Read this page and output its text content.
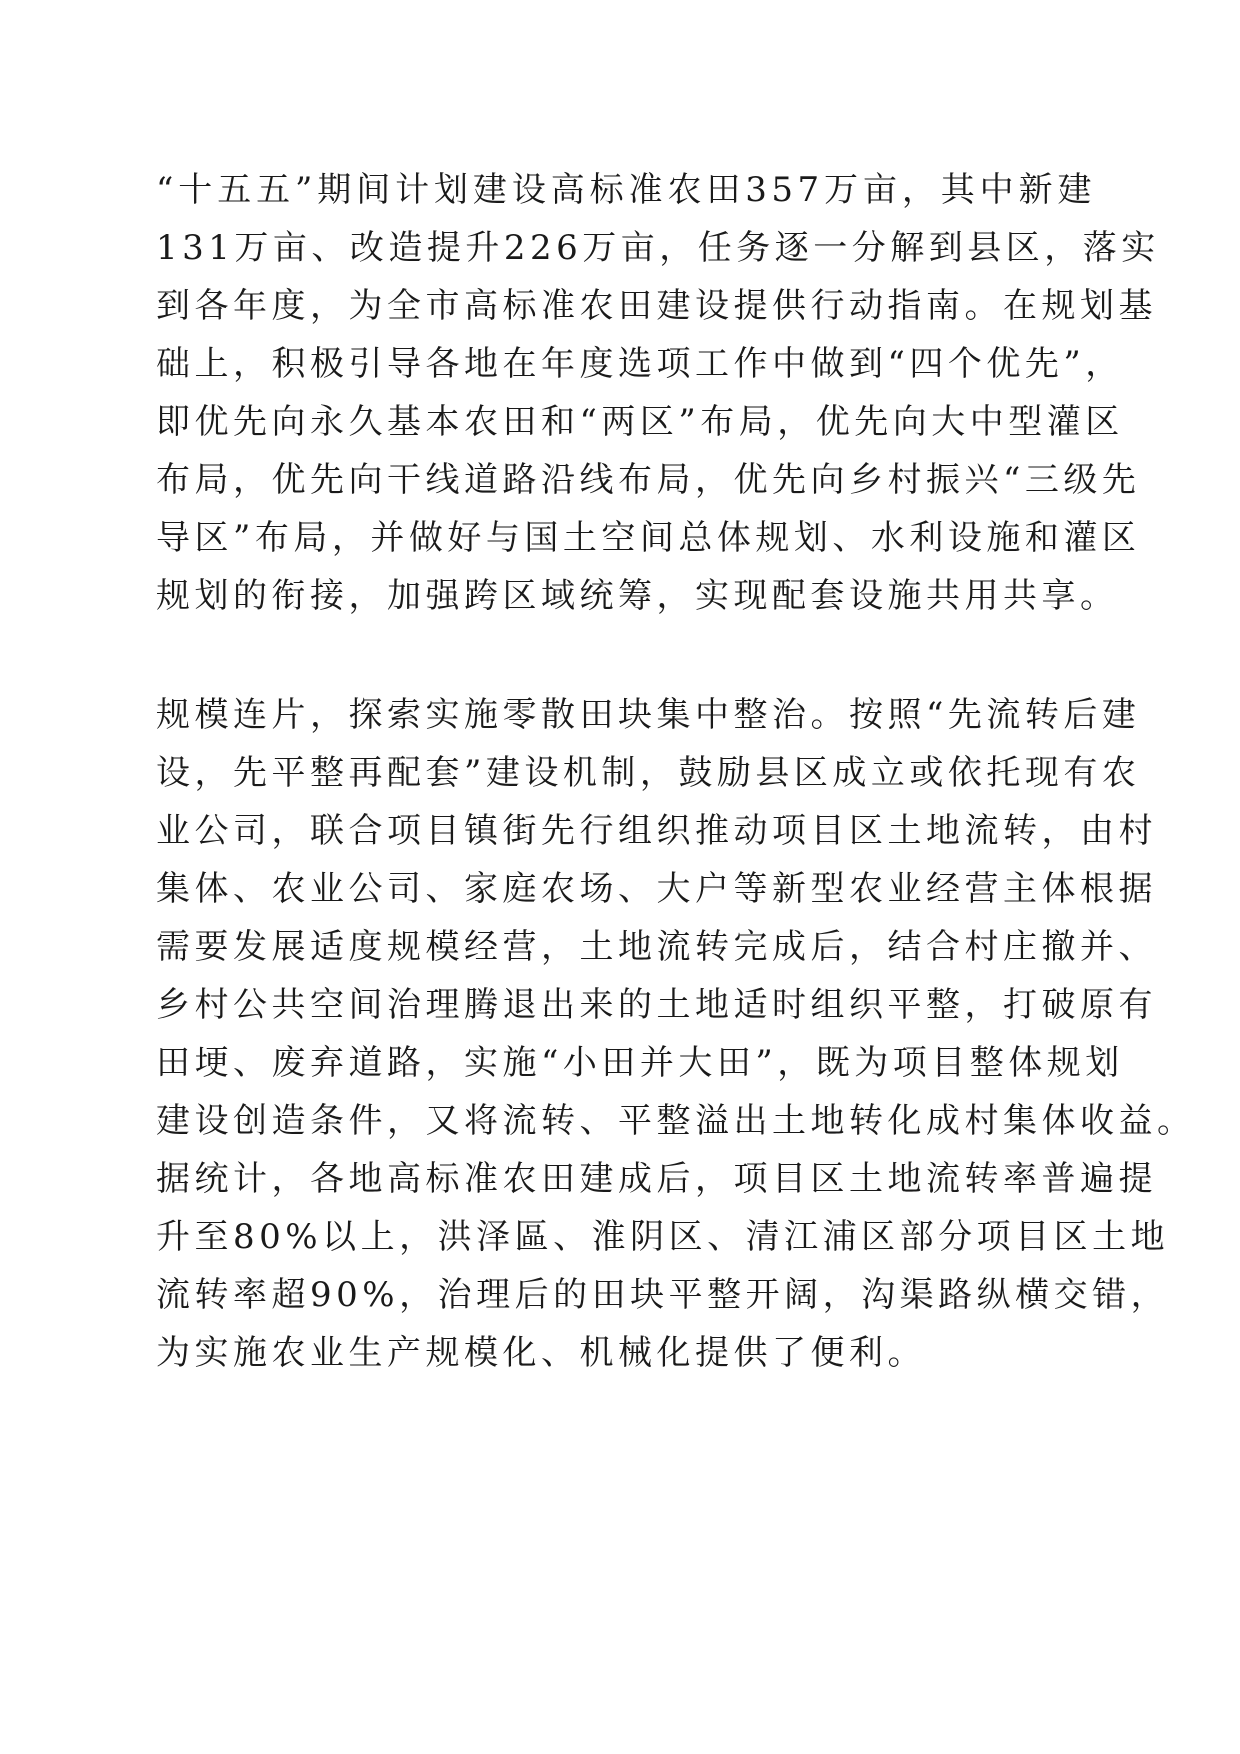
“十五五”期间计划建设高标准农田357万亩，其中新建
131万亩、改造提升226万亩，任务逐一分解到县区，落实
到各年度，为全市高标准农田建设提供行动指南。在规划基
础上，积极引导各地在年度选项工作中做到“四个优先”，
即优先向永久基本农田和“两区”布局，优先向大中型灌区
布局，优先向干线道路沿线布局，优先向乡村振兴“三级先
导区”布局，并做好与国土空间总体规划、水利设施和灌区
规划的衔接，加强跨区域统筹，实现配套设施共用共享。
规模连片，探索实施零散田块集中整治。按照“先流转后建
设，先平整再配套”建设机制，鼓励县区成立或依托现有农
业公司，联合项目镇街先行组织推动项目区土地流转，由村
集体、农业公司、家庭农场、大户等新型农业经营主体根据
需要发展适度规模经营，土地流转完成后，结合村庄撤并、
乡村公共空间治理腾退出来的土地适时组织平整，打破原有
田埂、废弃道路，实施“小田并大田”，既为项目整体规划
建设创造条件，又将流转、平整溢出土地转化成村集体收益。
据统计，各地高标准农田建成后，项目区土地流转率普遍提
升至80%以上，洪泽區、淮阴区、清江浦区部分项目区土地
流转率超90%，治理后的田块平整开阔，沟渠路纵横交错，
为实施农业生产规模化、机械化提供了便利。
